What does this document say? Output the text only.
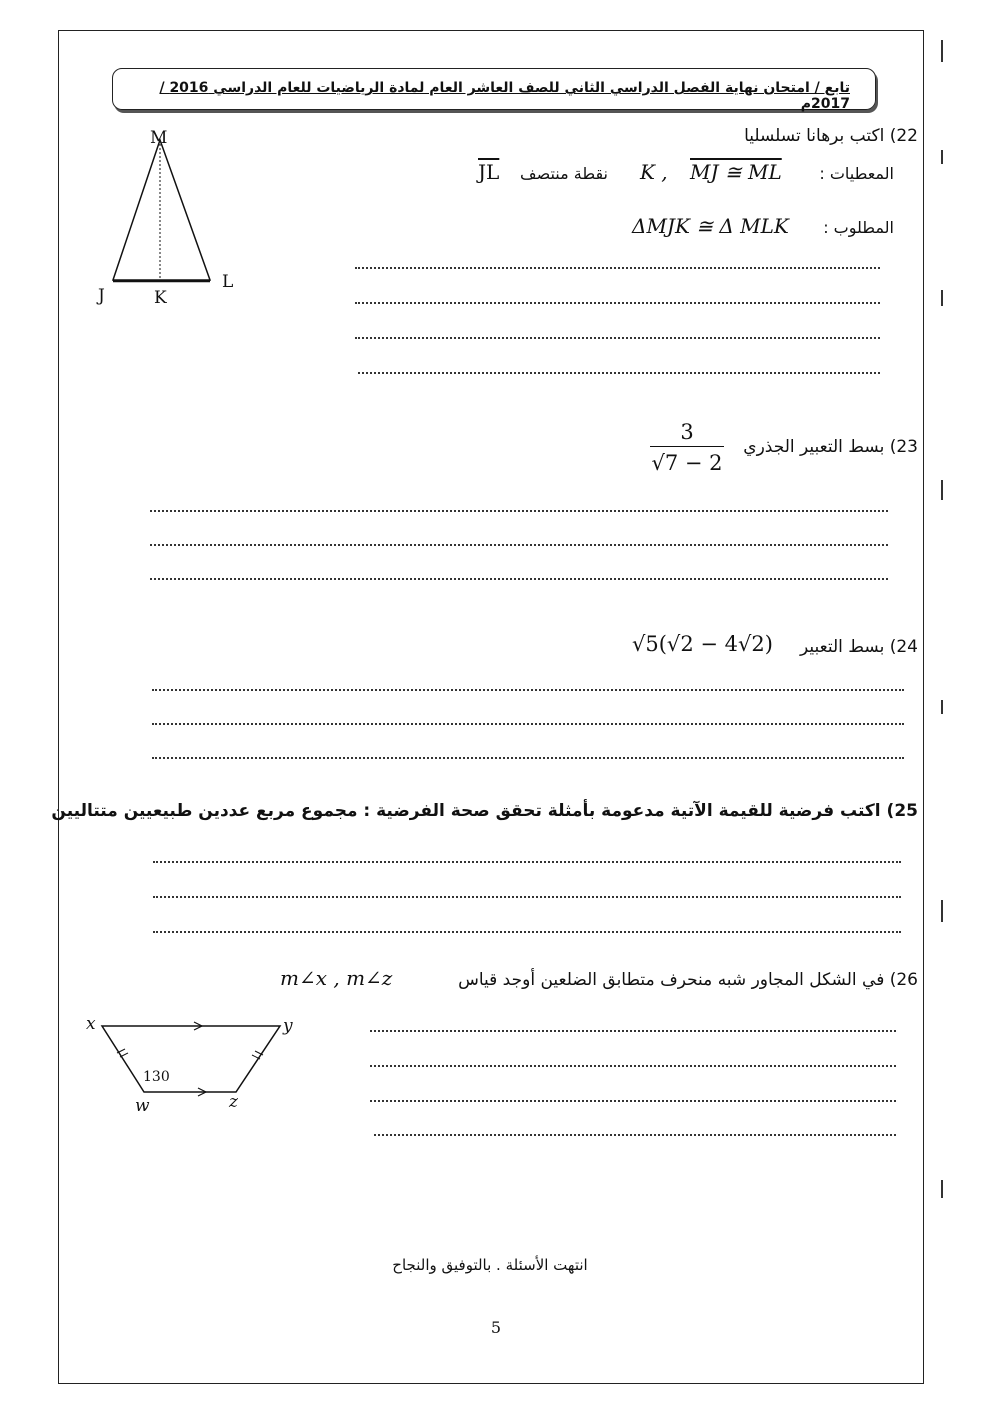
تابع / امتحان نهاية الفصل الدراسي الثاني للصف العاشر العام لمادة الرياضيات للعام الدراسي 2016 / 2017م
22) اكتب برهانا تسلسليا
المعطيات :
MJ ≅ ML
K ,
نقطة منتصف
$\overline{JL}$
المطلوب :
ΔMJK ≅ Δ MLK
M
J	K
L
23) بسط التعبير الجذري
$\frac{3}{√7 - 2}$
24) بسط التعبير
√5(√2 − 4√2)
25) اكتب فرضية للقيمة الآتية مدعومة بأمثلة تحقق صحة الفرضية : مجموع مربع عددين طبيعيين متتاليين
26) في الشكل المجاور شبه منحرف متطابق الضلعين أوجد قياس
m∠x , m∠z
x	y
w	z
130
انتهت الأسئلة . بالتوفيق والنجاح
5
